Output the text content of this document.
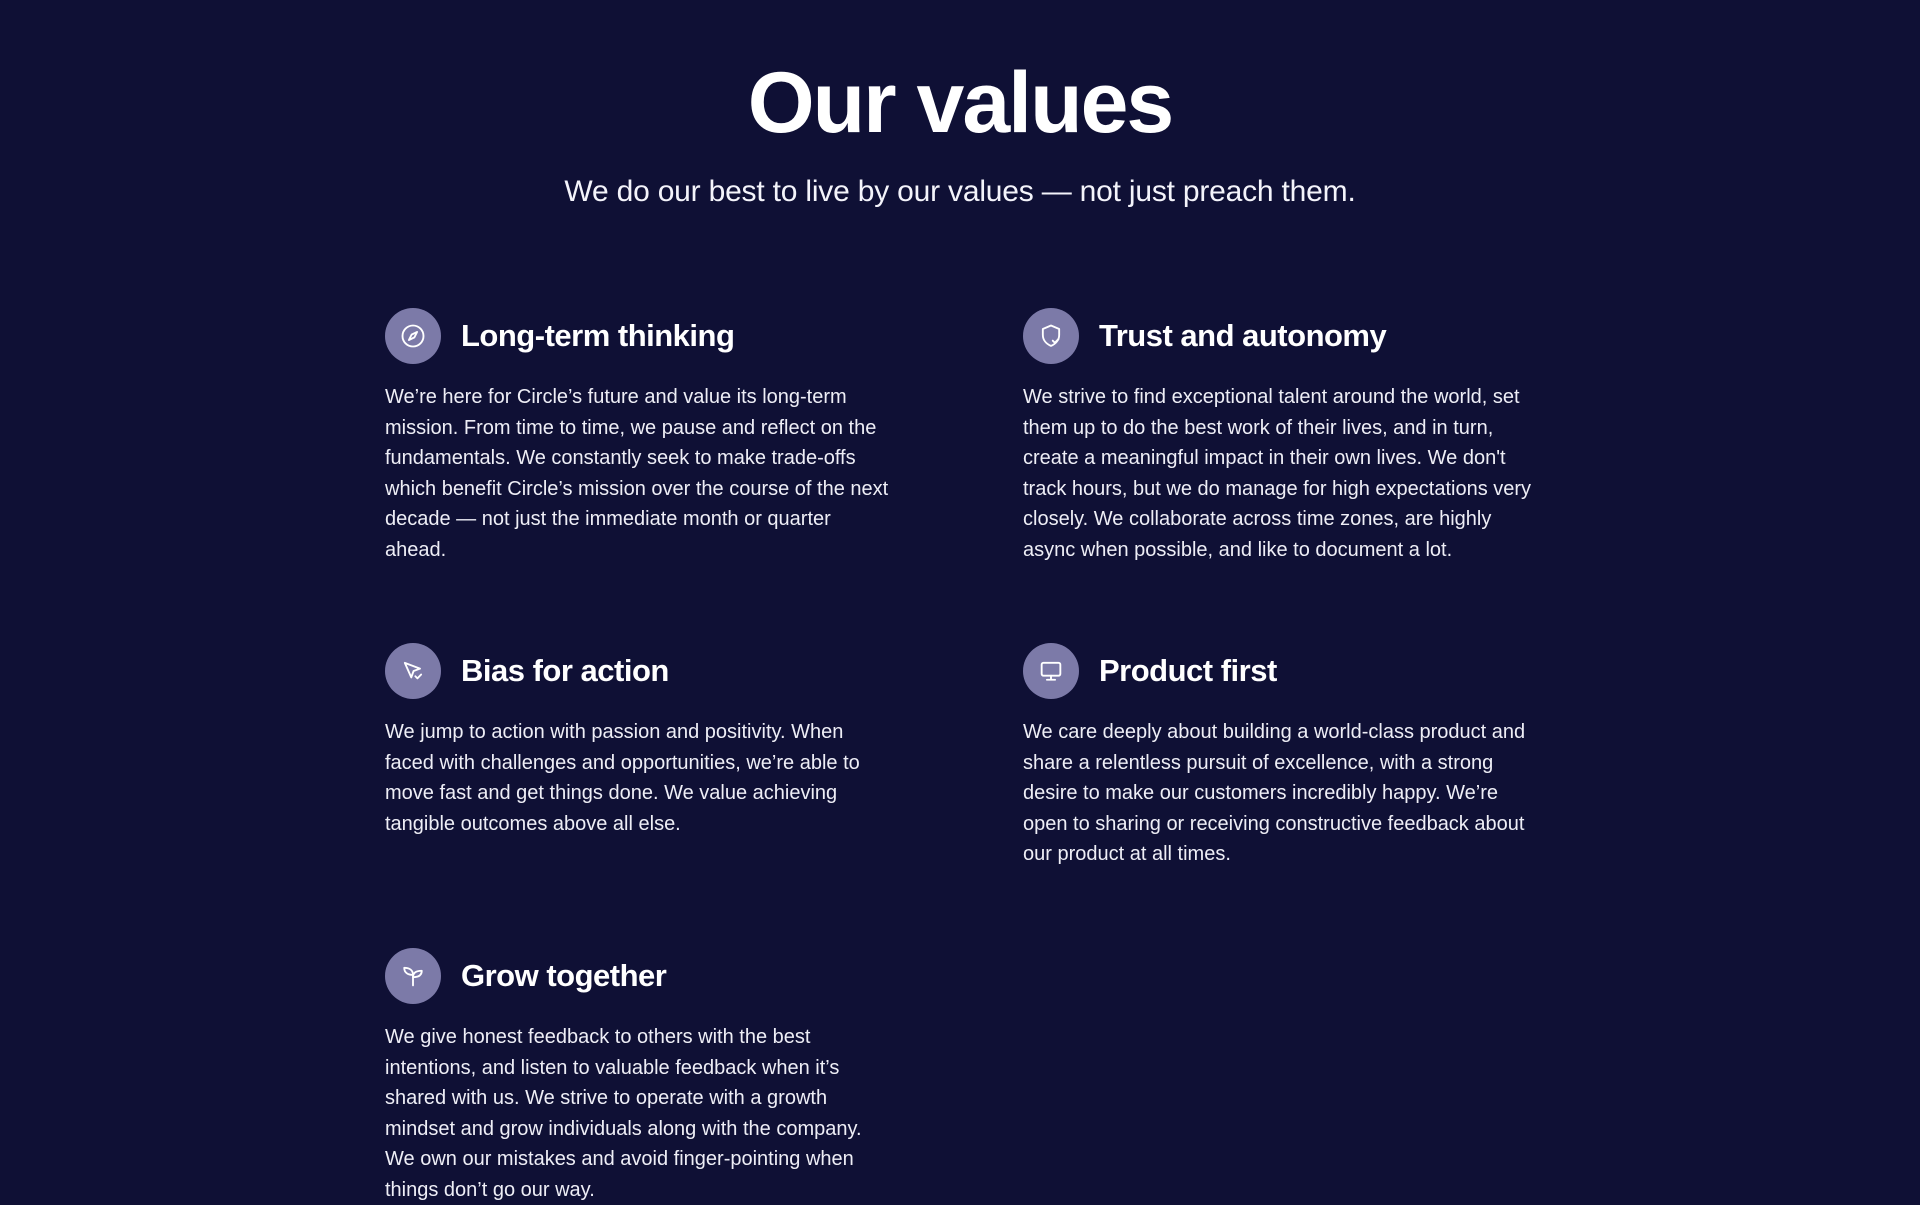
Our values

We do our best to live by our values — not just preach them.

Long-term thinking
We’re here for Circle’s future and value its long-term mission. From time to time, we pause and reflect on the fundamentals. We constantly seek to make trade-offs which benefit Circle’s mission over the course of the next decade — not just the immediate month or quarter ahead.
Trust and autonomy
We strive to find exceptional talent around the world, set them up to do the best work of their lives, and in turn, create a meaningful impact in their own lives. We don't track hours, but we do manage for high expectations very closely. We collaborate across time zones, are highly async when possible, and like to document a lot.
Bias for action
We jump to action with passion and positivity. When faced with challenges and opportunities, we’re able to move fast and get things done. We value achieving tangible outcomes above all else.
Product first
We care deeply about building a world-class product and share a relentless pursuit of excellence, with a strong desire to make our customers incredibly happy. We’re open to sharing or receiving constructive feedback about our product at all times.
Grow together
We give honest feedback to others with the best intentions, and listen to valuable feedback when it’s shared with us. We strive to operate with a growth mindset and grow individuals along with the company. We own our mistakes and avoid finger-pointing when things don’t go our way.
